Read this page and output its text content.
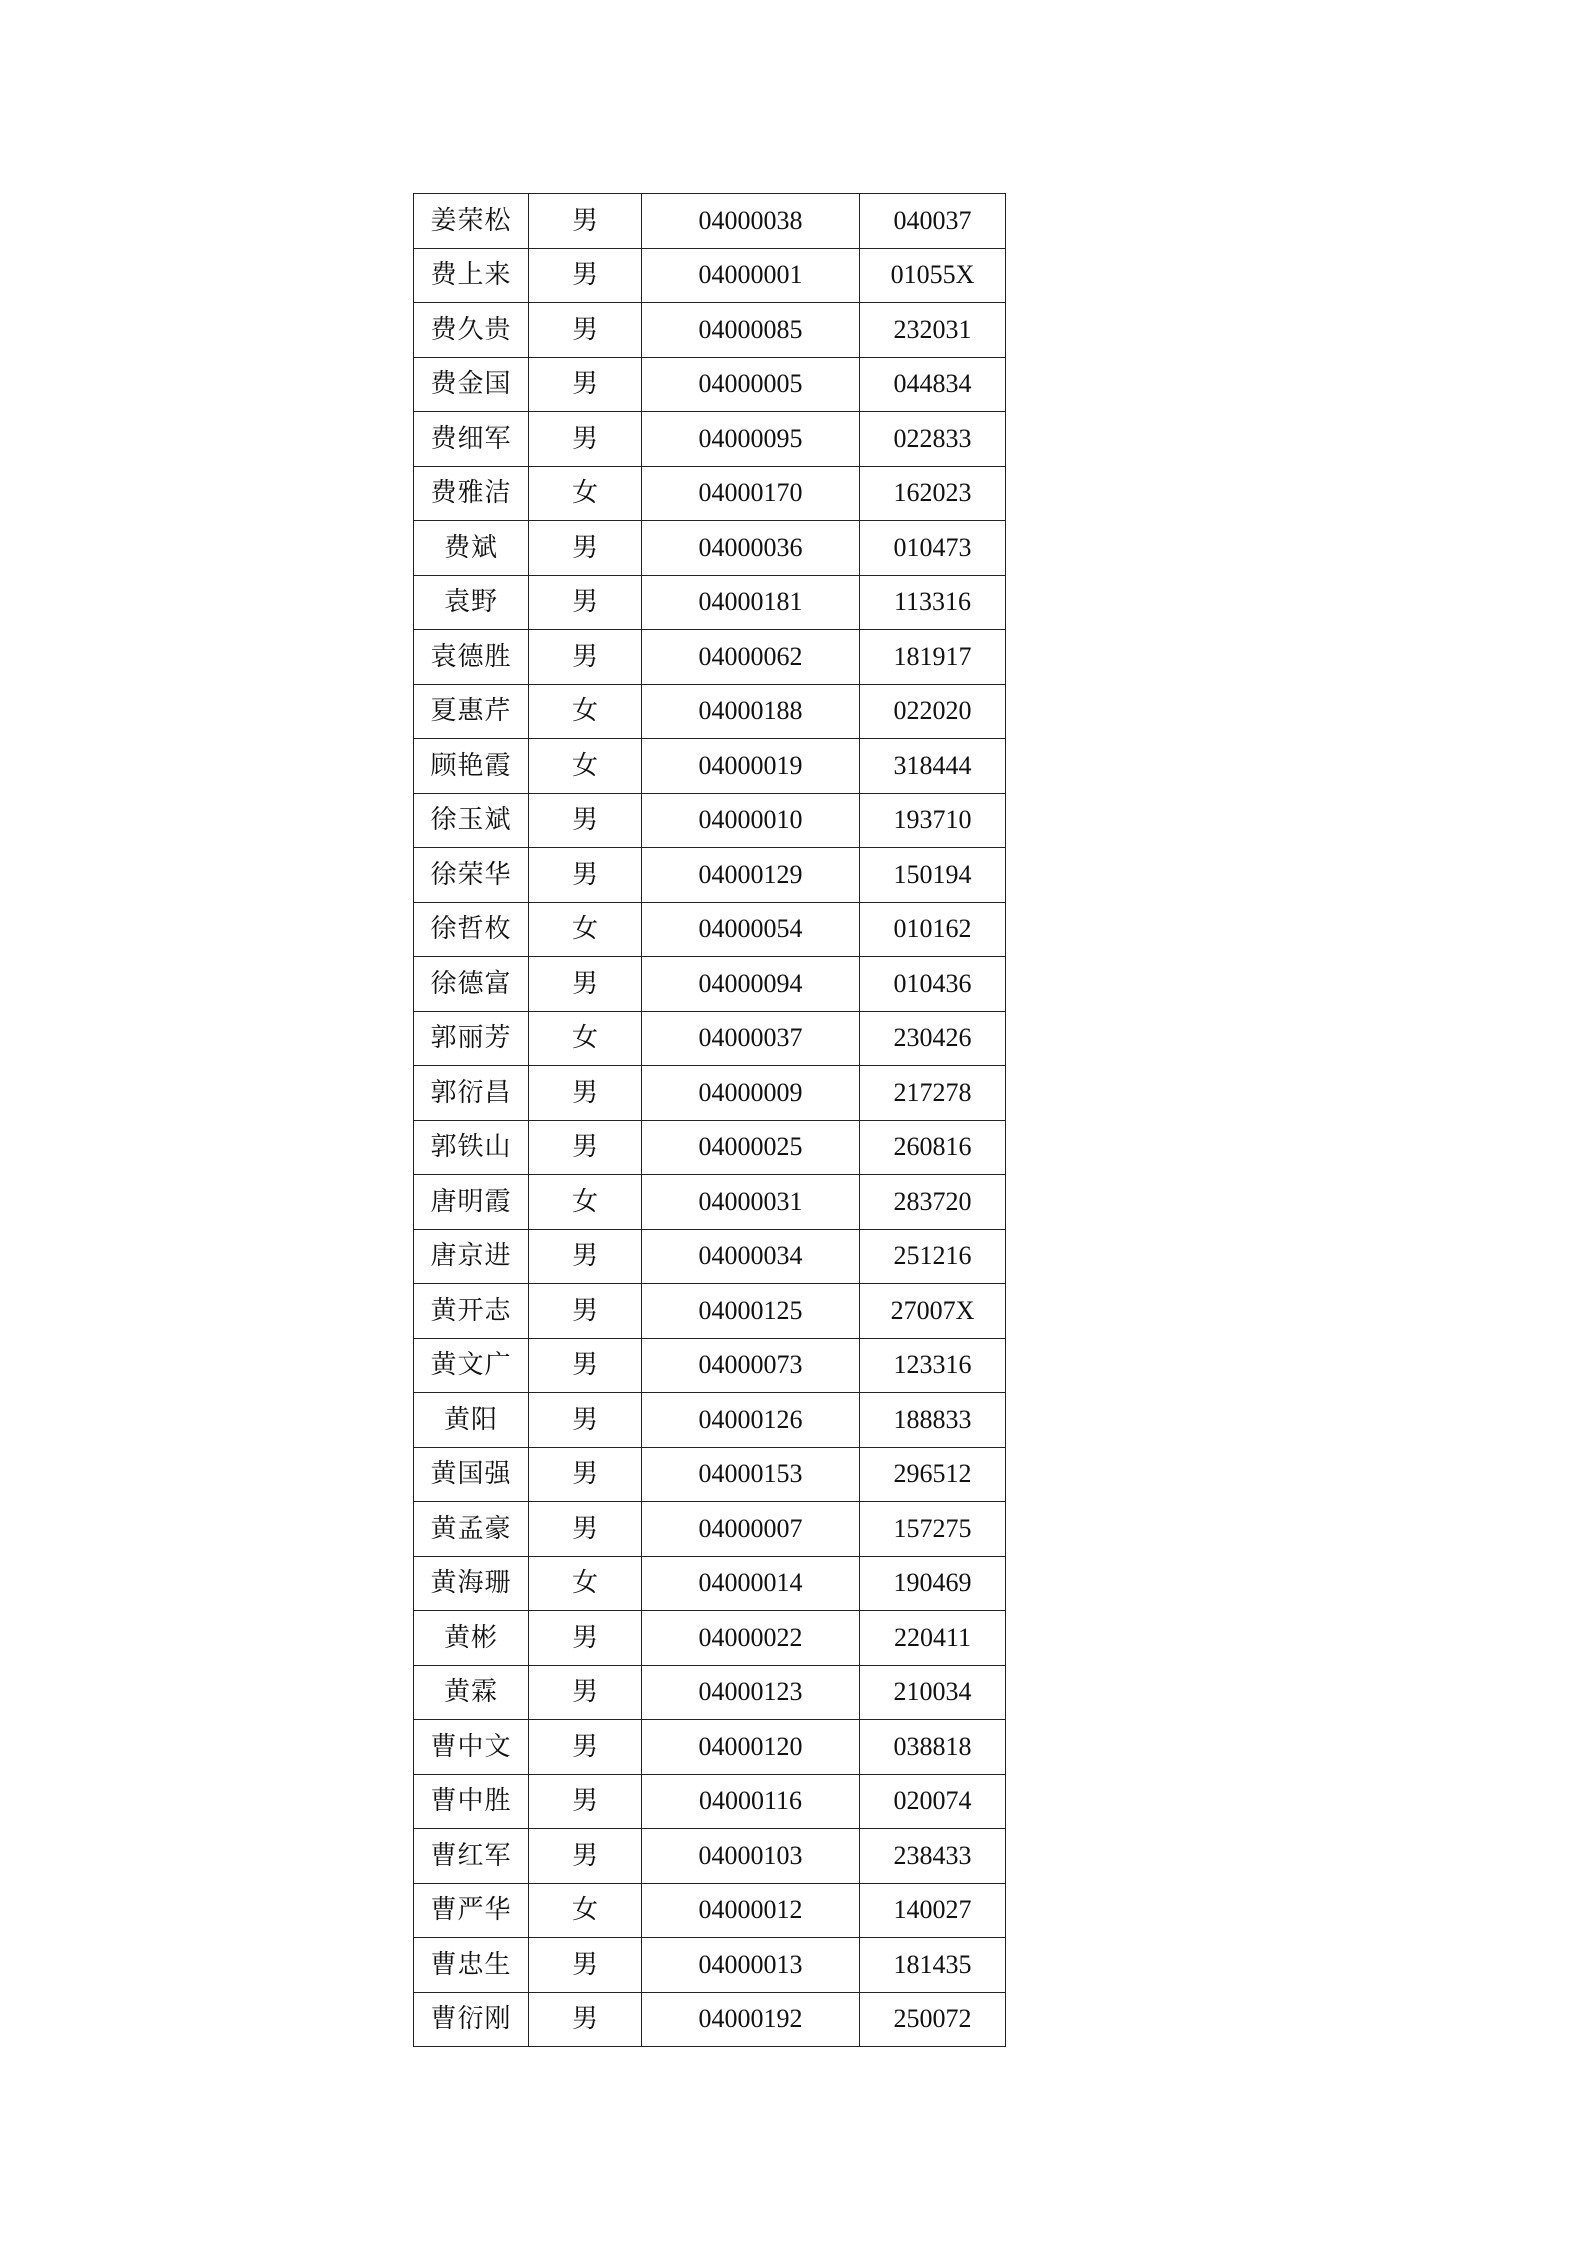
姜荣松	男	04000038	040037
费上来	男	04000001	01055X
费久贵	男	04000085	232031
费金国	男	04000005	044834
费细军	男	04000095	022833
费雅洁	女	04000170	162023
费斌	男	04000036	010473
袁野	男	04000181	113316
袁德胜	男	04000062	181917
夏惠芹	女	04000188	022020
顾艳霞	女	04000019	318444
徐玉斌	男	04000010	193710
徐荣华	男	04000129	150194
徐哲枚	女	04000054	010162
徐德富	男	04000094	010436
郭丽芳	女	04000037	230426
郭衍昌	男	04000009	217278
郭铁山	男	04000025	260816
唐明霞	女	04000031	283720
唐京进	男	04000034	251216
黄开志	男	04000125	27007X
黄文广	男	04000073	123316
黄阳	男	04000126	188833
黄国强	男	04000153	296512
黄孟豪	男	04000007	157275
黄海珊	女	04000014	190469
黄彬	男	04000022	220411
黄霖	男	04000123	210034
曹中文	男	04000120	038818
曹中胜	男	04000116	020074
曹红军	男	04000103	238433
曹严华	女	04000012	140027
曹忠生	男	04000013	181435
曹衍刚	男	04000192	250072
